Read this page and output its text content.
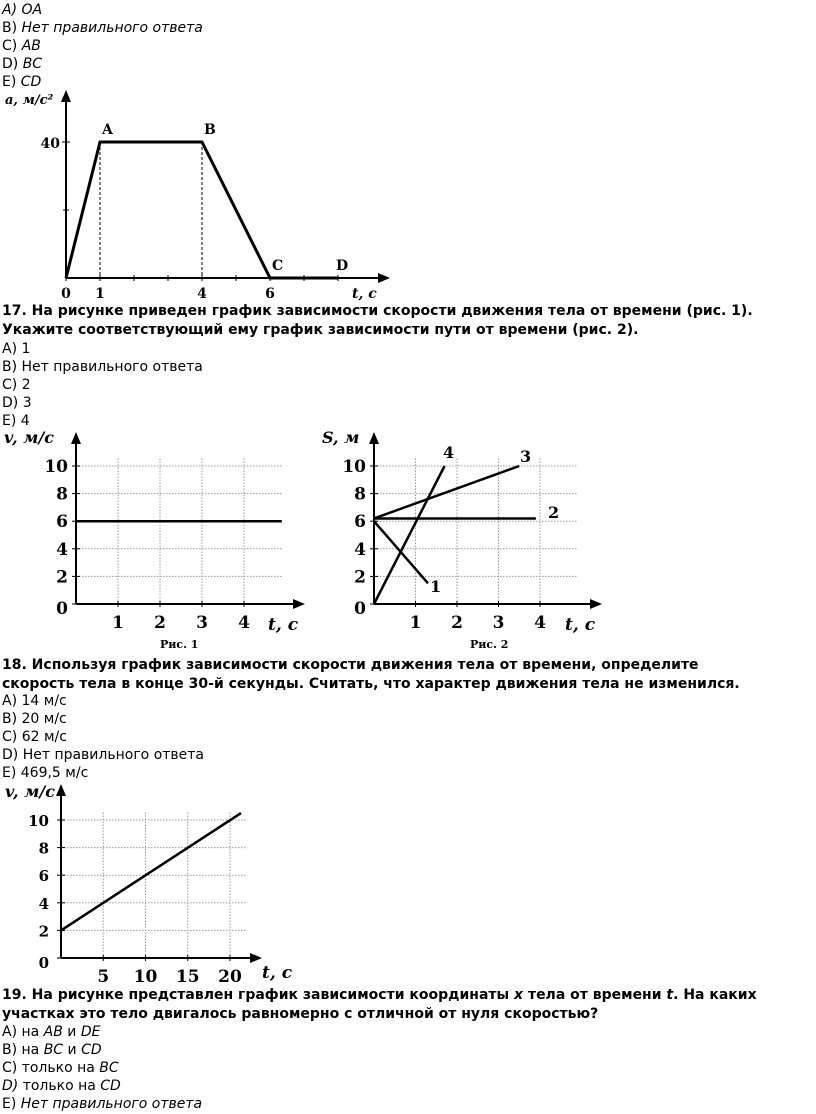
A) OA
B) Нет правильного ответа
C) AB
D) BC
E) CD
17. На рисунке приведен график зависимости скорости движения тела от времени (рис. 1).
Укажите соответствующий ему график зависимости пути от времени (рис. 2).
A) 1
B) Нет правильного ответа
C) 2
D) 3
E) 4
18. Используя график зависимости скорости движения тела от времени, определите
скорость тела в конце 30-й секунды. Считать, что характер движения тела не изменился.
A) 14 м/с
B) 20 м/с
C) 62 м/с
D) Нет правильного ответа
E) 469,5 м/с
19. На рисунке представлен график зависимости координаты x тела от времени t. На каких
участках это тело двигалось равномерно с отличной от нуля скоростью?
A) на AB и DE
B) на BC и CD
C) только на BC
D) только на CD
E) Нет правильного ответа
a, м/с²
t, с
0 1	4	6
40
A	B
C	D
v, м/с
t, с
Рис. 1
1 2 3 4
0
2
4
6
8
10
S, м
t, с
Рис. 2
1 2 3 4
0
2
4
6
8
10
1
2
3
4
v, м/с
t, с
5 10 15 20
0
2
4
6
8
10
